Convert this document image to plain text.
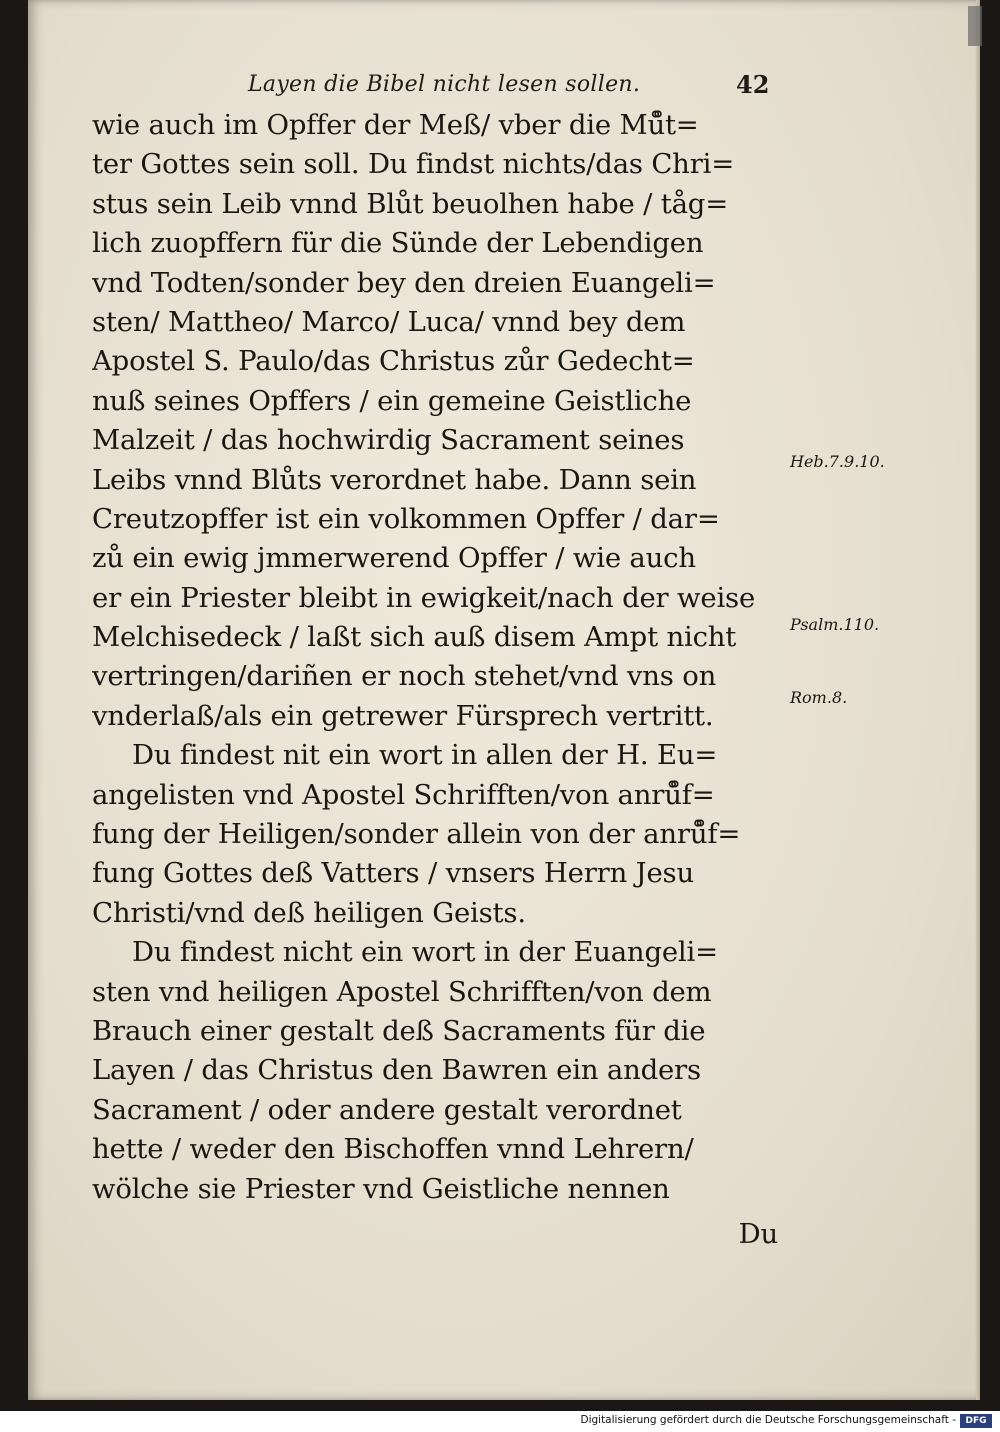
Layen die Bibel nicht lesen sollen.	42
wie auch im Opffer der Meß/ vber die Mů̊t=
ter Gottes sein soll. Du findst nichts/das Chri=
stus sein Leib vnnd Blůt beuolhen habe / tåg=
lich zuopffern für die Sünde der Lebendigen
vnd Todten/sonder bey den dreien Euangeli=
sten/ Mattheo/ Marco/ Luca/ vnnd bey dem
Apostel S. Paulo/das Christus zůr Gedecht=
nuß seines Opffers / ein gemeine Geistliche
Malzeit / das hochwirdig Sacrament seines
Leibs vnnd Blůts verordnet habe. Dann sein
Creutzopffer ist ein volkommen Opffer / dar=
zů ein ewig jmmerwerend Opffer / wie auch
er ein Priester bleibt in ewigkeit/nach der weise
Melchisedeck / laßt sich auß disem Ampt nicht
vertringen/dariñen er noch stehet/vnd vns on
vnderlaß/als ein getrewer Fürsprech vertritt.
Du findest nit ein wort in allen der H. Eu=
angelisten vnd Apostel Schrifften/von anrů̊f=
fung der Heiligen/sonder allein von der anrů̊f=
fung Gottes deß Vatters / vnsers Herrn Jesu
Christi/vnd deß heiligen Geists.
Du findest nicht ein wort in der Euangeli=
sten vnd heiligen Apostel Schrifften/von dem
Brauch einer gestalt deß Sacraments für die
Layen / das Christus den Bawren ein anders
Sacrament / oder andere gestalt verordnet
hette / weder den Bischoffen vnnd Lehrern/
wölche sie Priester vnd Geistliche nennen
Du
Heb.7.9.10.
Psalm.110.
Rom.8.
Digitalisierung gefördert durch die Deutsche Forschungsgemeinschaft -	DFG
